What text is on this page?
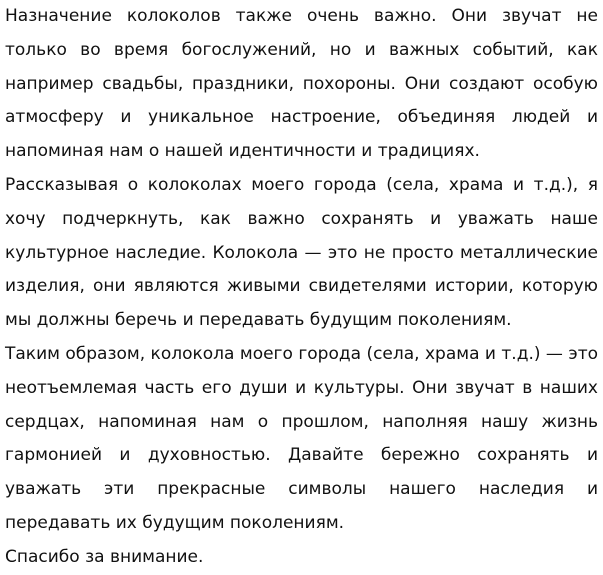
Назначение колоколов также очень важно. Они звучат не только во время богослужений, но и важных событий, как например свадьбы, праздники, похороны. Они создают особую атмосферу и уникальное настроение, объединяя людей и напоминая нам о нашей идентичности и традициях.

Рассказывая о колоколах моего города (села, храма и т.д.), я хочу подчеркнуть, как важно сохранять и уважать наше культурное наследие. Колокола — это не просто металлические изделия, они являются живыми свидетелями истории, которую мы должны беречь и передавать будущим поколениям.

Таким образом, колокола моего города (села, храма и т.д.) — это неотъемлемая часть его души и культуры. Они звучат в наших сердцах, напоминая нам о прошлом, наполняя нашу жизнь гармонией и духовностью. Давайте бережно сохранять и уважать эти прекрасные символы нашего наследия и передавать их будущим поколениям.

Спасибо за внимание.
